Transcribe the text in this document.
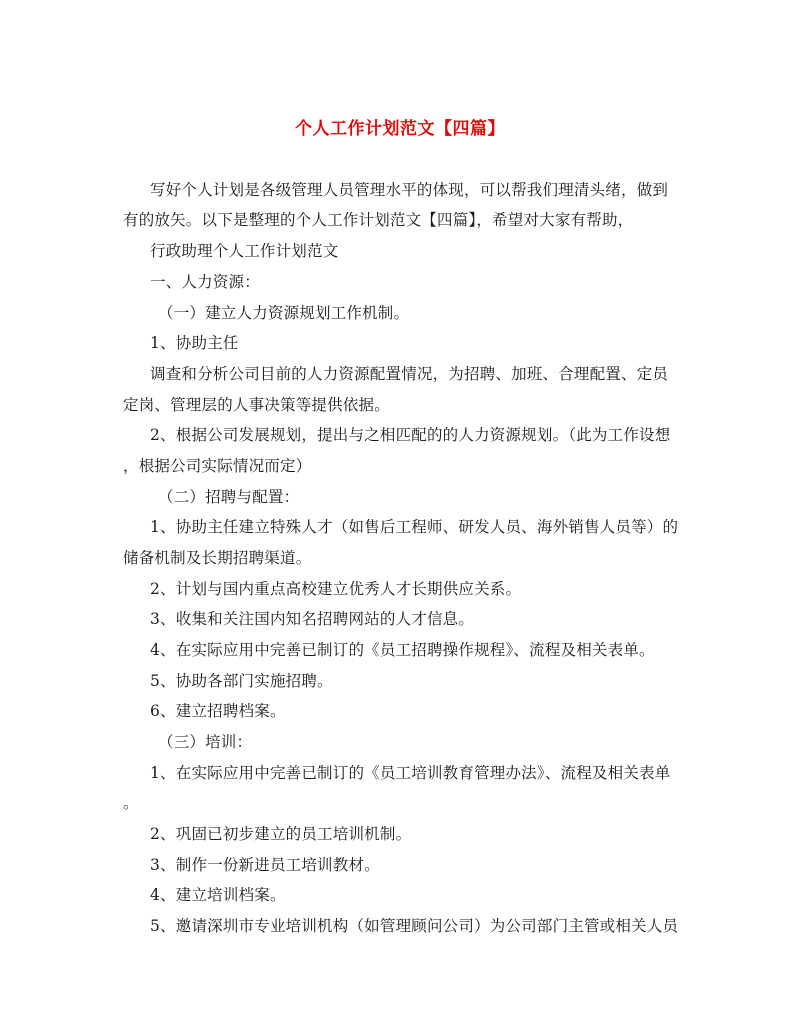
个人工作计划范文【四篇】
写好个人计划是各级管理人员管理水平的体现，可以帮我们理清头绪，做到
有的放矢。以下是整理的个人工作计划范文【四篇】，希望对大家有帮助，
行政助理个人工作计划范文
一、人力资源：
（一）建立人力资源规划工作机制。
1、协助主任
调查和分析公司目前的人力资源配置情况，为招聘、加班、合理配置、定员
定岗、管理层的人事决策等提供依据。
2、根据公司发展规划，提出与之相匹配的的人力资源规划。（此为工作设想
，根据公司实际情况而定）
（二）招聘与配置：
1、协助主任建立特殊人才（如售后工程师、研发人员、海外销售人员等）的
储备机制及长期招聘渠道。
2、计划与国内重点高校建立优秀人才长期供应关系。
3、收集和关注国内知名招聘网站的人才信息。
4、在实际应用中完善已制订的《员工招聘操作规程》、流程及相关表单。
5、协助各部门实施招聘。
6、建立招聘档案。
（三）培训：
1、在实际应用中完善已制订的《员工培训教育管理办法》、流程及相关表单
。
2、巩固已初步建立的员工培训机制。
3、制作一份新进员工培训教材。
4、建立培训档案。
5、邀请深圳市专业培训机构（如管理顾问公司）为公司部门主管或相关人员
